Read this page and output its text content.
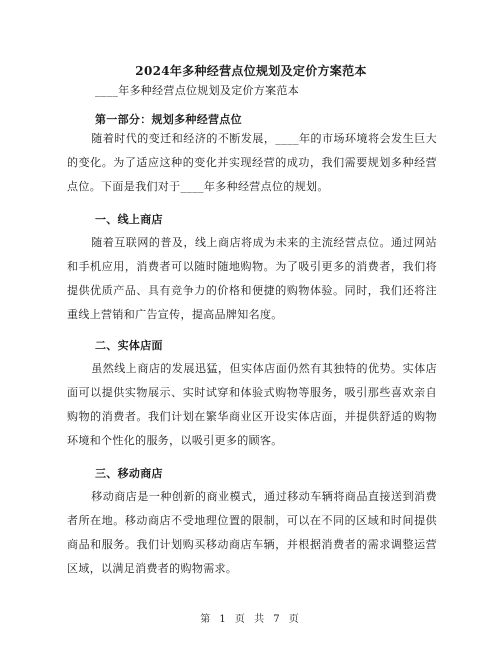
2024年多种经营点位规划及定价方案范本
____年多种经营点位规划及定价方案范本
第一部分：规划多种经营点位

随着时代的变迁和经济的不断发展，____年的市场环境将会发生巨大的变化。为了适应这种的变化并实现经营的成功，我们需要规划多种经营点位。下面是我们对于____年多种经营点位的规划。

一、线上商店

随着互联网的普及，线上商店将成为未来的主流经营点位。通过网站和手机应用，消费者可以随时随地购物。为了吸引更多的消费者，我们将提供优质产品、具有竞争力的价格和便捷的购物体验。同时，我们还将注重线上营销和广告宣传，提高品牌知名度。

二、实体店面

虽然线上商店的发展迅猛，但实体店面仍然有其独特的优势。实体店面可以提供实物展示、实时试穿和体验式购物等服务，吸引那些喜欢亲自购物的消费者。我们计划在繁华商业区开设实体店面，并提供舒适的购物环境和个性化的服务，以吸引更多的顾客。

三、移动商店

移动商店是一种创新的商业模式，通过移动车辆将商品直接送到消费者所在地。移动商店不受地理位置的限制，可以在不同的区域和时间提供商品和服务。我们计划购买移动商店车辆，并根据消费者的需求调整运营区域，以满足消费者的购物需求。

第 1 页 共 7 页
